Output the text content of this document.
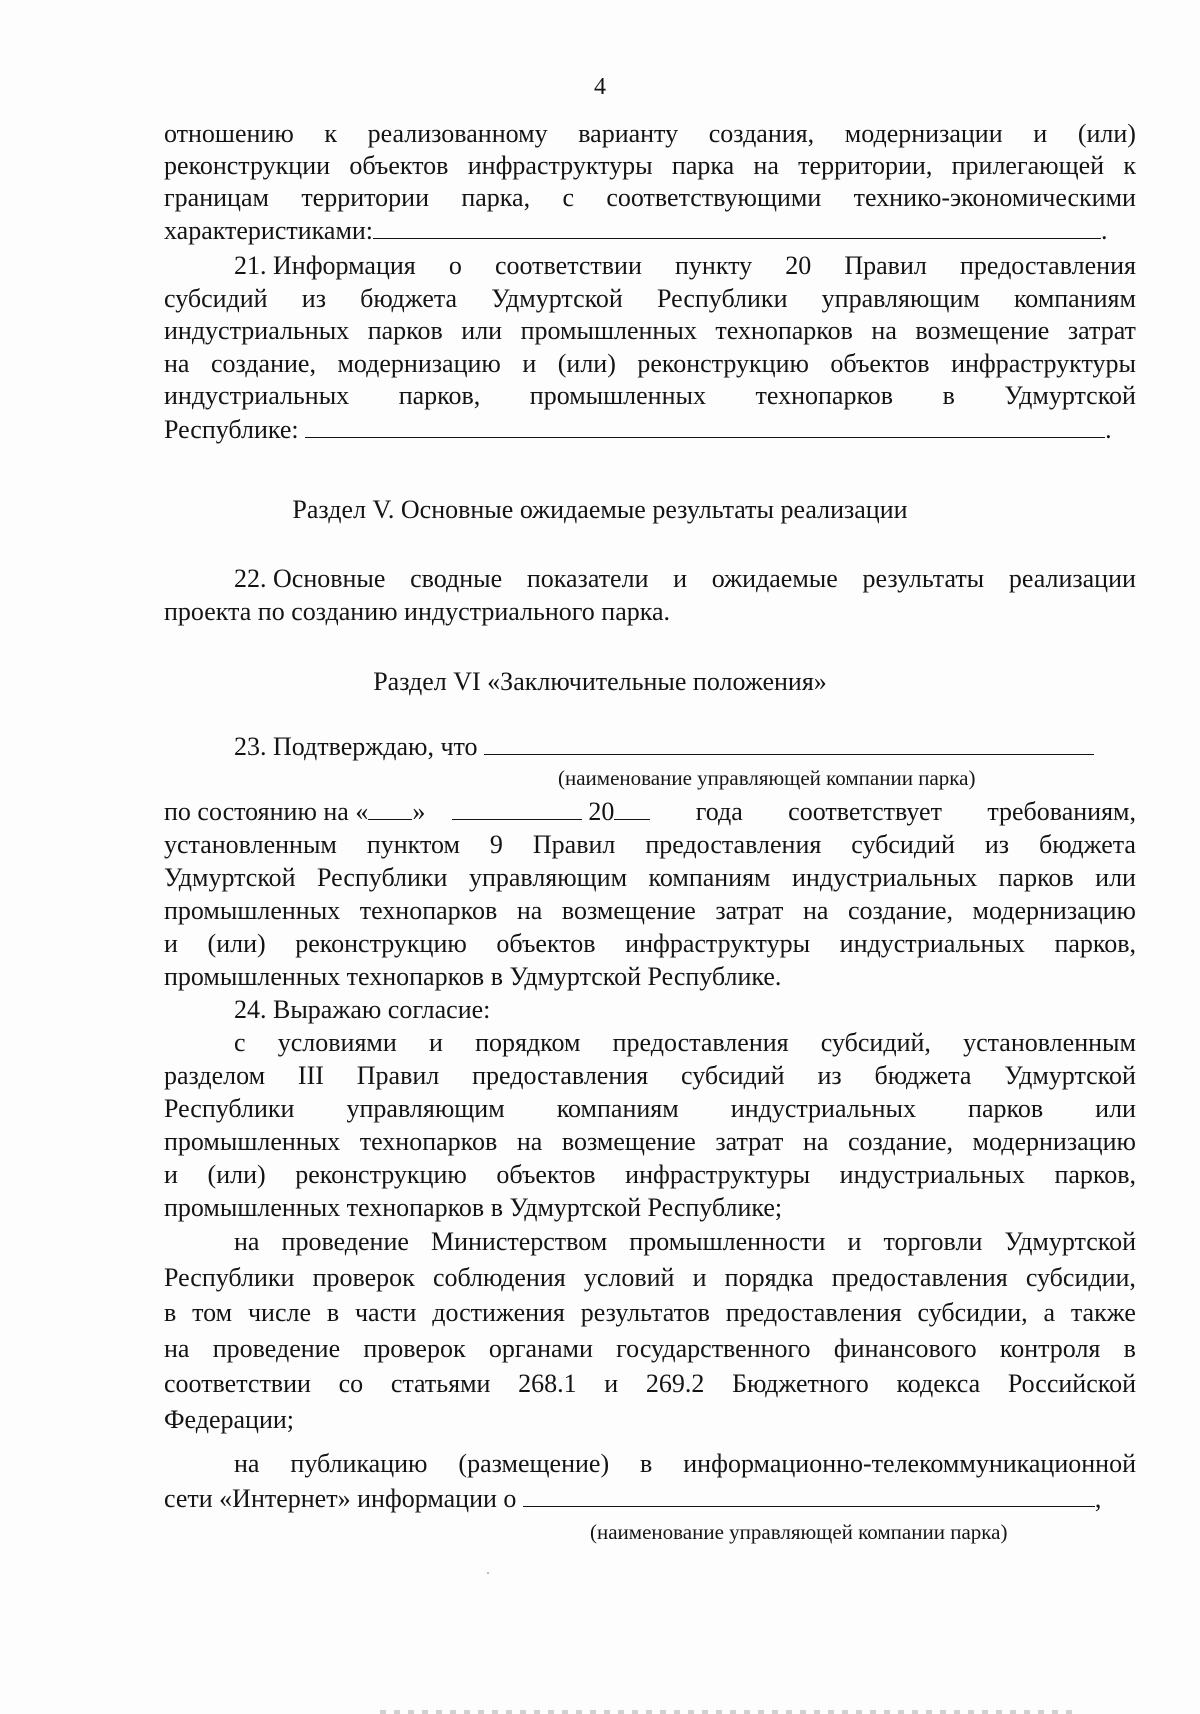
4
отношению к реализованному варианту создания, модернизации и (или)
реконструкции объектов инфраструктуры парка на территории, прилегающей к
границам территории парка, с соответствующими технико-экономическими
характеристиками:	.
21. Информация о соответствии пункту 20 Правил предоставления
субсидий из бюджета Удмуртской Республики управляющим компаниям
индустриальных парков или промышленных технопарков на возмещение затрат
на создание, модернизацию и (или) реконструкцию объектов инфраструктуры
индустриальных парков, промышленных технопарков в Удмуртской
Республике:	.
Раздел V. Основные ожидаемые результаты реализации
22. Основные сводные показатели и ожидаемые результаты реализации
проекта по созданию индустриального парка.
Раздел VI «Заключительные положения»
23. Подтверждаю, что
(наименование управляющей компании парка)
по состоянию на « »	20	года соответствует требованиям,
установленным пунктом 9 Правил предоставления субсидий из бюджета
Удмуртской Республики управляющим компаниям индустриальных парков или
промышленных технопарков на возмещение затрат на создание, модернизацию
и (или) реконструкцию объектов инфраструктуры индустриальных парков,
промышленных технопарков в Удмуртской Республике.
24. Выражаю согласие:
с условиями и порядком предоставления субсидий, установленным
разделом III Правил предоставления субсидий из бюджета Удмуртской
Республики управляющим компаниям индустриальных парков или
промышленных технопарков на возмещение затрат на создание, модернизацию
и (или) реконструкцию объектов инфраструктуры индустриальных парков,
промышленных технопарков в Удмуртской Республике;
на проведение Министерством промышленности и торговли Удмуртской
Республики проверок соблюдения условий и порядка предоставления субсидии,
в том числе в части достижения результатов предоставления субсидии, а также
на проведение проверок органами государственного финансового контроля в
соответствии со статьями 268.1 и 269.2 Бюджетного кодекса Российской
Федерации;
на публикацию (размещение) в информационно-телекоммуникационной
сети «Интернет» информации о	,
(наименование управляющей компании парка)
